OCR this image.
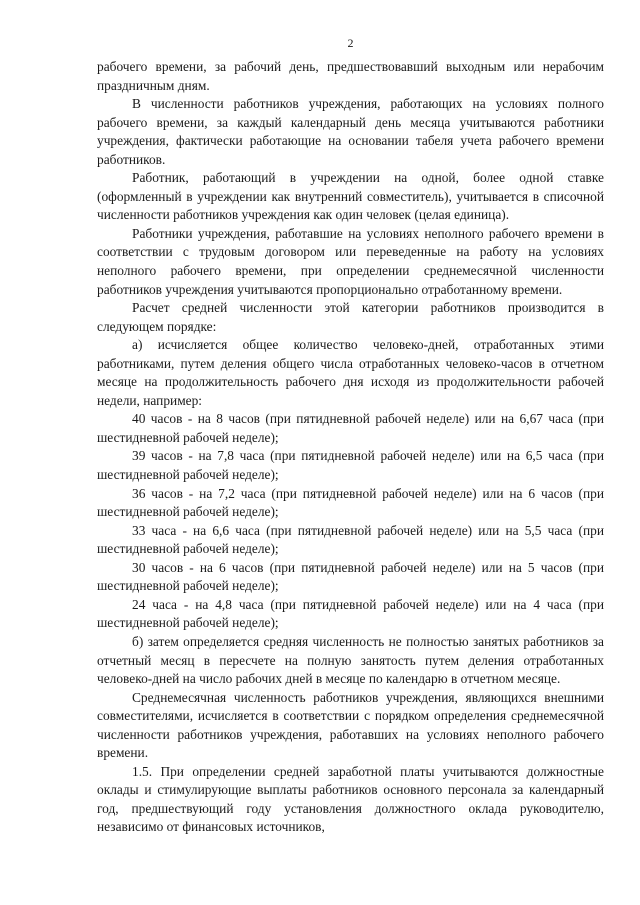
2

рабочего времени, за рабочий день, предшествовавший выходным или нерабочим праздничным дням.

В численности работников учреждения, работающих на условиях полного рабочего времени, за каждый календарный день месяца учитываются работники учреждения, фактически работающие на основании табеля учета рабочего времени работников.

Работник, работающий в учреждении на одной, более одной ставке (оформленный в учреждении как внутренний совместитель), учитывается в списочной численности работников учреждения как один человек (целая единица).

Работники учреждения, работавшие на условиях неполного рабочего времени в соответствии с трудовым договором или переведенные на работу на условиях неполного рабочего времени, при определении среднемесячной численности работников учреждения учитываются пропорционально отработанному времени.

Расчет средней численности этой категории работников производится в следующем порядке:

а) исчисляется общее количество человеко-дней, отработанных этими работниками, путем деления общего числа отработанных человеко-часов в отчетном месяце на продолжительность рабочего дня исходя из продолжительности рабочей недели, например:

40 часов - на 8 часов (при пятидневной рабочей неделе) или на 6,67 часа (при шестидневной рабочей неделе);

39 часов - на 7,8 часа (при пятидневной рабочей неделе) или на 6,5 часа (при шестидневной рабочей неделе);

36 часов - на 7,2 часа (при пятидневной рабочей неделе) или на 6 часов (при шестидневной рабочей неделе);

33 часа - на 6,6 часа (при пятидневной рабочей неделе) или на 5,5 часа (при шестидневной рабочей неделе);

30 часов - на 6 часов (при пятидневной рабочей неделе) или на 5 часов (при шестидневной рабочей неделе);

24 часа - на 4,8 часа (при пятидневной рабочей неделе) или на 4 часа (при шестидневной рабочей неделе);

б) затем определяется средняя численность не полностью занятых работников за отчетный месяц в пересчете на полную занятость путем деления отработанных человеко-дней на число рабочих дней в месяце по календарю в отчетном месяце.

Среднемесячная численность работников учреждения, являющихся внешними совместителями, исчисляется в соответствии с порядком определения среднемесячной численности работников учреждения, работавших на условиях неполного рабочего времени.

1.5. При определении средней заработной платы учитываются должностные оклады и стимулирующие выплаты работников основного персонала за календарный год, предшествующий году установления должностного оклада руководителю, независимо от финансовых источников,
